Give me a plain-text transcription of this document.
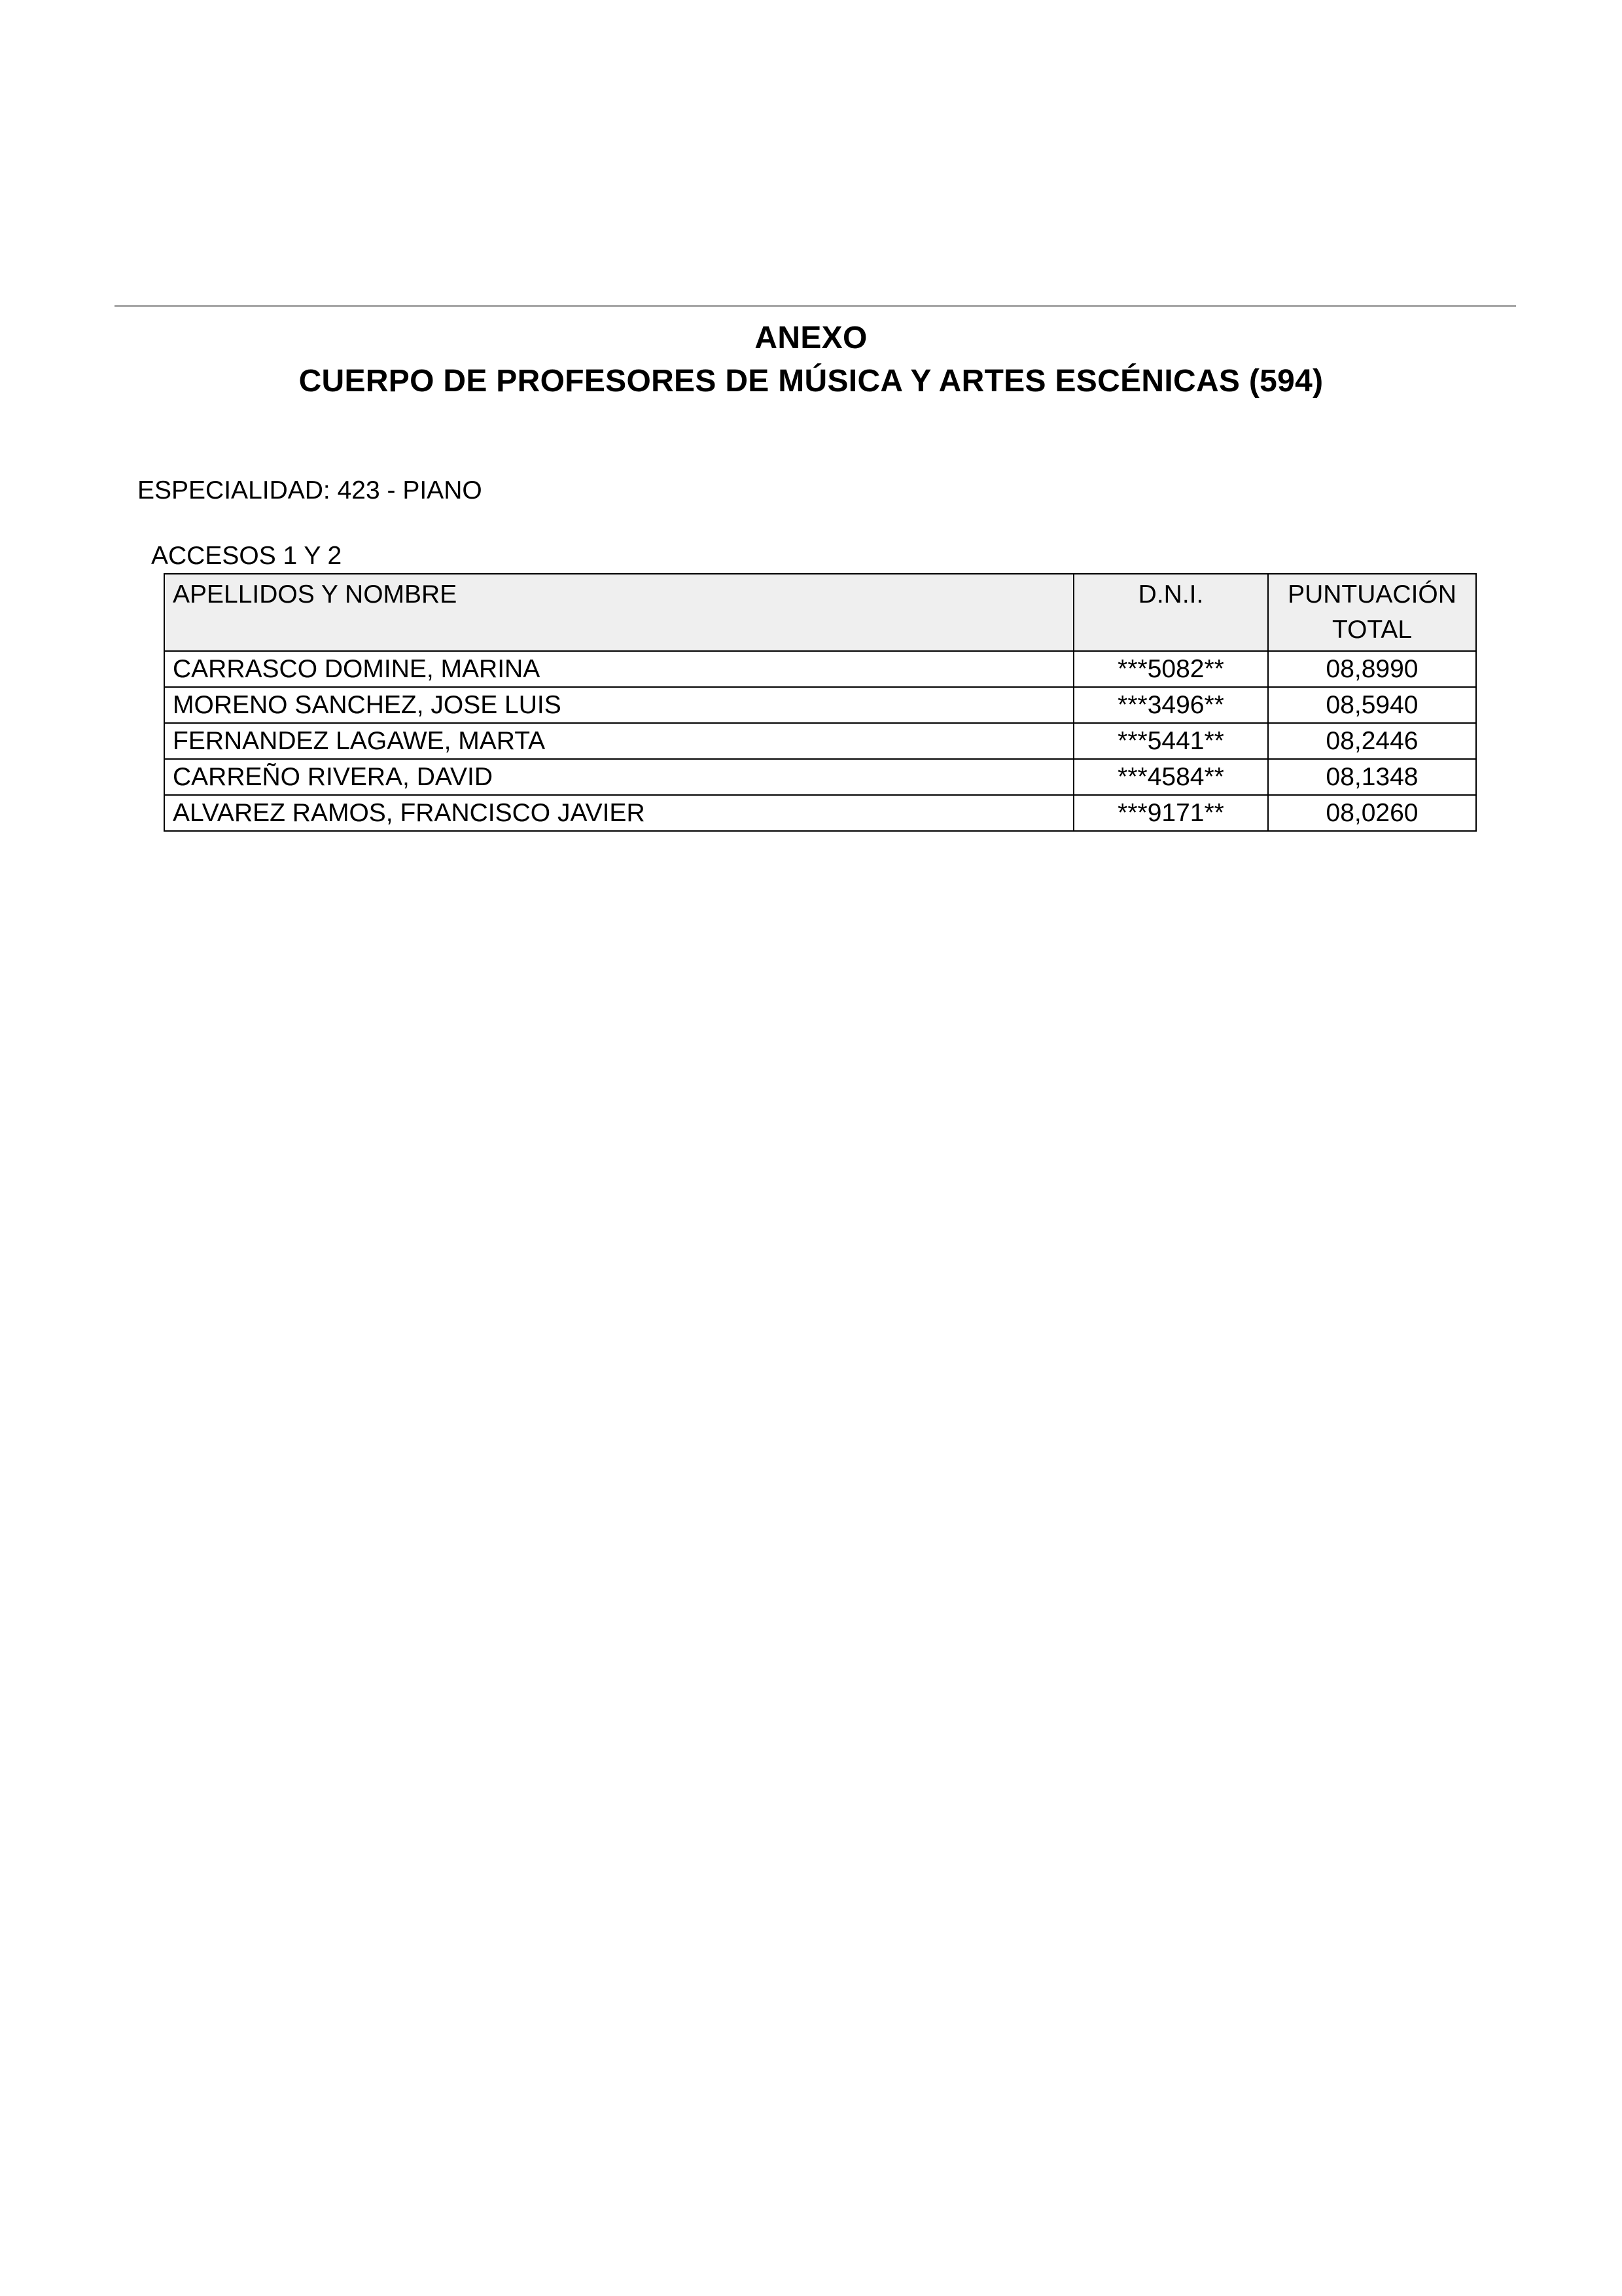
ANEXO
CUERPO DE PROFESORES DE MÚSICA Y ARTES ESCÉNICAS (594)
ESPECIALIDAD: 423 - PIANO
ACCESOS 1 Y 2
APELLIDOS Y NOMBRE	D.N.I.	PUNTUACIÓN TOTAL
CARRASCO DOMINE, MARINA	***5082**	08,8990
MORENO SANCHEZ, JOSE LUIS	***3496**	08,5940
FERNANDEZ LAGAWE, MARTA	***5441**	08,2446
CARREÑO RIVERA, DAVID	***4584**	08,1348
ALVAREZ RAMOS, FRANCISCO JAVIER	***9171**	08,0260
